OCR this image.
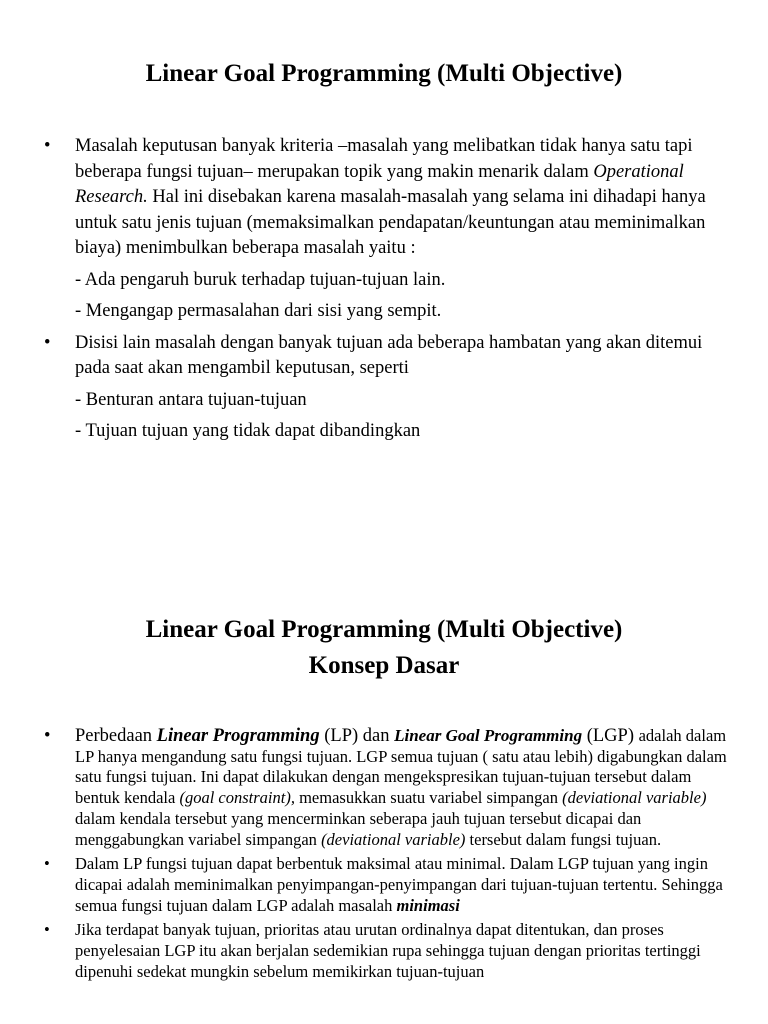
Linear Goal Programming (Multi Objective)
• Masalah keputusan banyak kriteria –masalah yang melibatkan tidak hanya satu tapi beberapa fungsi tujuan– merupakan topik yang makin menarik dalam Operational Research. Hal ini disebakan karena masalah-masalah yang selama ini dihadapi hanya untuk satu jenis tujuan (memaksimalkan pendapatan/keuntungan atau meminimalkan biaya) menimbulkan beberapa masalah yaitu :

- Ada pengaruh buruk terhadap tujuan-tujuan lain.

- Mengangap permasalahan dari sisi yang sempit.

• Disisi lain masalah dengan banyak tujuan ada beberapa hambatan yang akan ditemui pada saat akan mengambil keputusan, seperti

- Benturan antara tujuan-tujuan

- Tujuan tujuan yang tidak dapat dibandingkan

Linear Goal Programming (Multi Objective)
Konsep Dasar
• Perbedaan Linear Programming (LP) dan Linear Goal Programming (LGP) adalah dalam LP hanya mengandung satu fungsi tujuan. LGP semua tujuan ( satu atau lebih) digabungkan dalam satu fungsi tujuan. Ini dapat dilakukan dengan mengekspresikan tujuan-tujuan tersebut dalam bentuk kendala (goal constraint), memasukkan suatu variabel simpangan (deviational variable) dalam kendala tersebut yang mencerminkan seberapa jauh tujuan tersebut dicapai dan menggabungkan variabel simpangan (deviational variable) tersebut dalam fungsi tujuan.

• Dalam LP fungsi tujuan dapat berbentuk maksimal atau minimal. Dalam LGP tujuan yang ingin dicapai adalah meminimalkan penyimpangan-penyimpangan dari tujuan-tujuan tertentu. Sehingga semua fungsi tujuan dalam LGP adalah masalah minimasi

• Jika terdapat banyak tujuan, prioritas atau urutan ordinalnya dapat ditentukan, dan proses penyelesaian LGP itu akan berjalan sedemikian rupa sehingga tujuan dengan prioritas tertinggi dipenuhi sedekat mungkin sebelum memikirkan tujuan-tujuan
